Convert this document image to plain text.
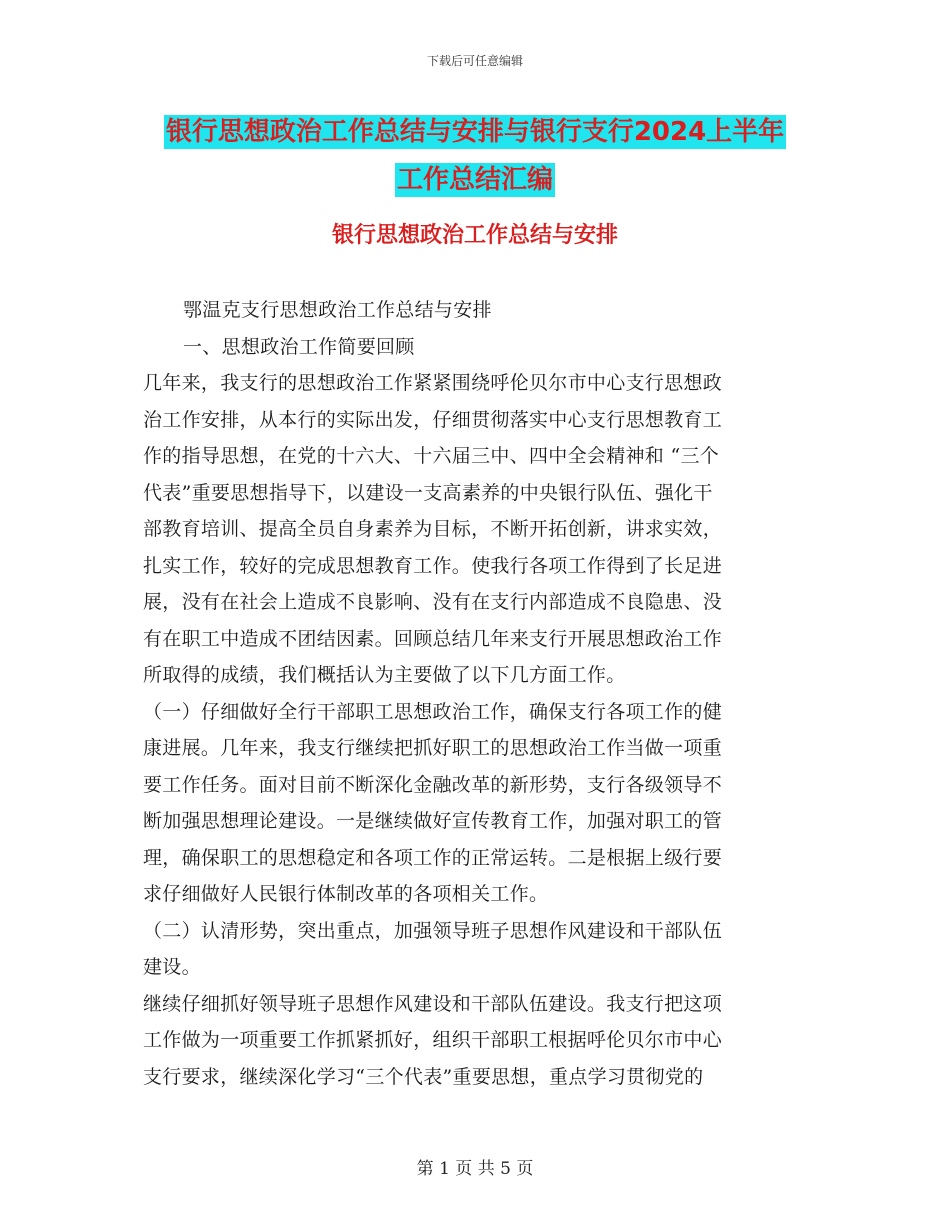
下载后可任意编辑
银行思想政治工作总结与安排与银行支行2024上半年
工作总结汇编
银行思想政治工作总结与安排
鄂温克支行思想政治工作总结与安排
一、思想政治工作简要回顾
几年来，我支行的思想政治工作紧紧围绕呼伦贝尔市中心支行思想政
治工作安排，从本行的实际出发，仔细贯彻落实中心支行思想教育工
作的指导思想，在党的十六大、十六届三中、四中全会精神和 “三个
代表”重要思想指导下，以建设一支高素养的中央银行队伍、强化干
部教育培训、提高全员自身素养为目标，不断开拓创新，讲求实效，
扎实工作，较好的完成思想教育工作。使我行各项工作得到了长足进
展，没有在社会上造成不良影响、没有在支行内部造成不良隐患、没
有在职工中造成不团结因素。回顾总结几年来支行开展思想政治工作
所取得的成绩，我们概括认为主要做了以下几方面工作。
（一）仔细做好全行干部职工思想政治工作，确保支行各项工作的健
康进展。几年来，我支行继续把抓好职工的思想政治工作当做一项重
要工作任务。面对目前不断深化金融改革的新形势，支行各级领导不
断加强思想理论建设。一是继续做好宣传教育工作，加强对职工的管
理，确保职工的思想稳定和各项工作的正常运转。二是根据上级行要
求仔细做好人民银行体制改革的各项相关工作。
（二）认清形势，突出重点，加强领导班子思想作风建设和干部队伍
建设。
继续仔细抓好领导班子思想作风建设和干部队伍建设。我支行把这项
工作做为一项重要工作抓紧抓好，组织干部职工根据呼伦贝尔市中心
支行要求，继续深化学习“三个代表”重要思想，重点学习贯彻党的
第 1 页 共 5 页
